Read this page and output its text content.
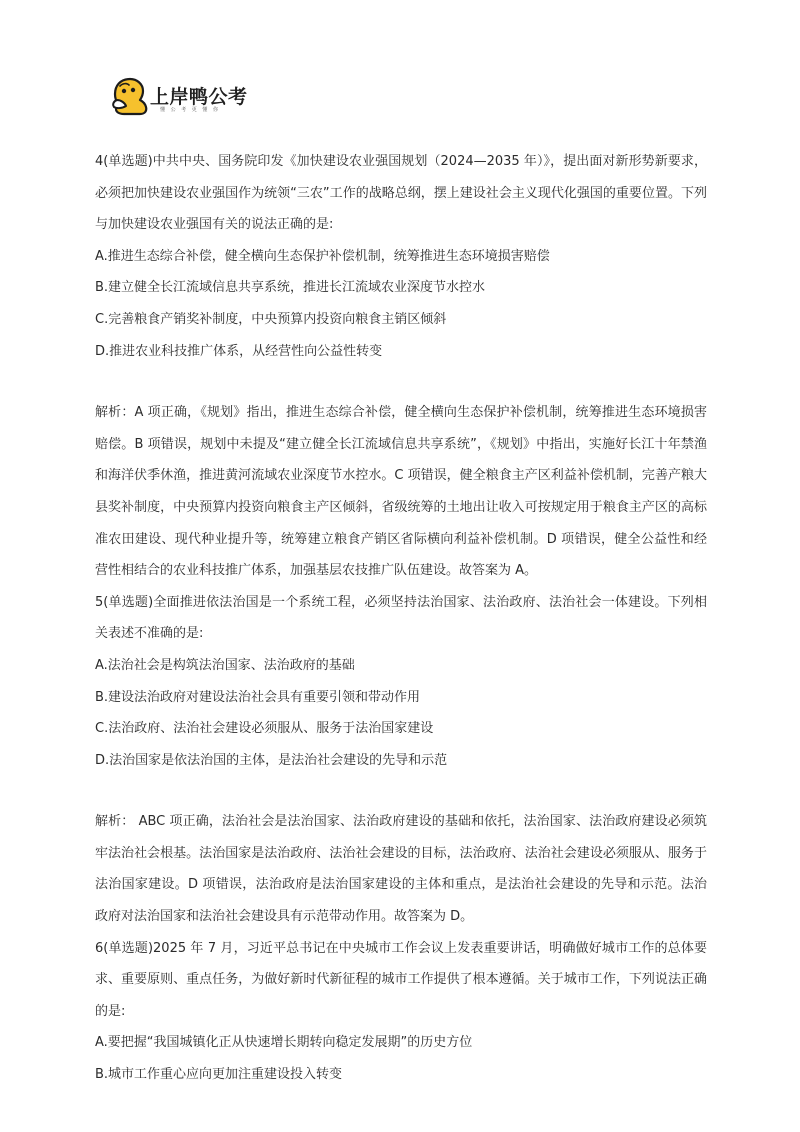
上岸鸭公考
懂 公 考 更 懂 你

4(单选题)中共中央、国务院印发《加快建设农业强国规划（2024—2035 年）》，提出面对新形势新要求，必须把加快建设农业强国作为统领“三农”工作的战略总纲，摆上建设社会主义现代化强国的重要位置。下列与加快建设农业强国有关的说法正确的是:

A.推进生态综合补偿，健全横向生态保护补偿机制，统筹推进生态环境损害赔偿

B.建立健全长江流域信息共享系统，推进长江流域农业深度节水控水

C.完善粮食产销奖补制度，中央预算内投资向粮食主销区倾斜

D.推进农业科技推广体系，从经营性向公益性转变

解析：A 项正确，《规划》指出，推进生态综合补偿，健全横向生态保护补偿机制，统筹推进生态环境损害赔偿。B 项错误，规划中未提及“建立健全长江流域信息共享系统”，《规划》中指出，实施好长江十年禁渔和海洋伏季休渔，推进黄河流域农业深度节水控水。C 项错误，健全粮食主产区利益补偿机制，完善产粮大县奖补制度，中央预算内投资向粮食主产区倾斜，省级统筹的土地出让收入可按规定用于粮食主产区的高标准农田建设、现代种业提升等，统筹建立粮食产销区省际横向利益补偿机制。D 项错误，健全公益性和经营性相结合的农业科技推广体系，加强基层农技推广队伍建设。故答案为 A。

5(单选题)全面推进依法治国是一个系统工程，必须坚持法治国家、法治政府、法治社会一体建设。下列相关表述不准确的是:

A.法治社会是构筑法治国家、法治政府的基础

B.建设法治政府对建设法治社会具有重要引领和带动作用

C.法治政府、法治社会建设必须服从、服务于法治国家建设

D.法治国家是依法治国的主体，是法治社会建设的先导和示范

解析： ABC 项正确，法治社会是法治国家、法治政府建设的基础和依托，法治国家、法治政府建设必须筑牢法治社会根基。法治国家是法治政府、法治社会建设的目标，法治政府、法治社会建设必须服从、服务于法治国家建设。D 项错误，法治政府是法治国家建设的主体和重点，是法治社会建设的先导和示范。法治政府对法治国家和法治社会建设具有示范带动作用。故答案为 D。

6(单选题)2025 年 7 月，习近平总书记在中央城市工作会议上发表重要讲话，明确做好城市工作的总体要求、重要原则、重点任务，为做好新时代新征程的城市工作提供了根本遵循。关于城市工作，下列说法正确的是:

A.要把握“我国城镇化正从快速增长期转向稳定发展期”的历史方位

B.城市工作重心应向更加注重建设投入转变
